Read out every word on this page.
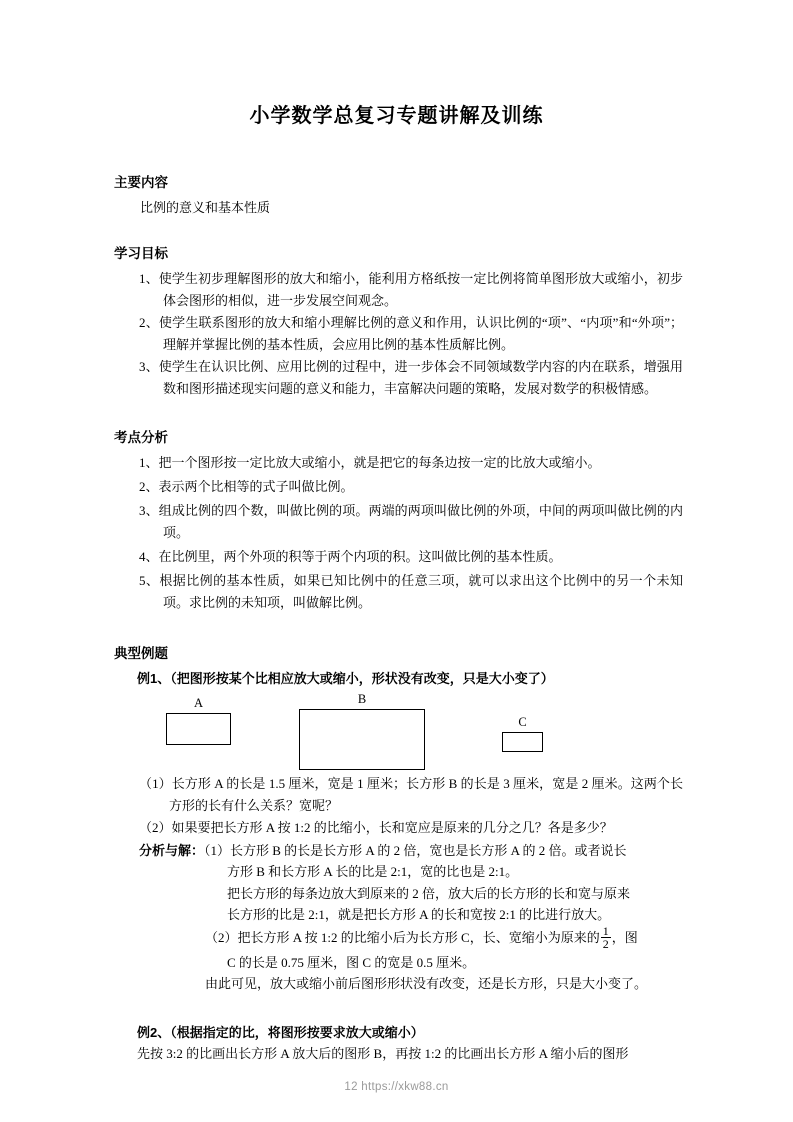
小学数学总复习专题讲解及训练
主要内容
比例的意义和基本性质
学习目标
1、使学生初步理解图形的放大和缩小，能利用方格纸按一定比例将简单图形放大或缩小，初步体会图形的相似，进一步发展空间观念。
2、使学生联系图形的放大和缩小理解比例的意义和作用，认识比例的“项”、“内项”和“外项”；理解并掌握比例的基本性质，会应用比例的基本性质解比例。
3、使学生在认识比例、应用比例的过程中，进一步体会不同领域数学内容的内在联系，增强用数和图形描述现实问题的意义和能力，丰富解决问题的策略，发展对数学的积极情感。
考点分析
1、把一个图形按一定比放大或缩小，就是把它的每条边按一定的比放大或缩小。
2、表示两个比相等的式子叫做比例。
3、组成比例的四个数，叫做比例的项。两端的两项叫做比例的外项，中间的两项叫做比例的内项。
4、在比例里，两个外项的积等于两个内项的积。这叫做比例的基本性质。
5、根据比例的基本性质，如果已知比例中的任意三项，就可以求出这个比例中的另一个未知项。求比例的未知项，叫做解比例。
典型例题
例1、（把图形按某个比相应放大或缩小，形状没有改变，只是大小变了）
A	B
C
（1）长方形 A 的长是 1.5 厘米，宽是 1 厘米；长方形 B 的长是 3 厘米，宽是 2 厘米。这两个长方形的长有什么关系？宽呢？
（2）如果要把长方形 A 按 1:2 的比缩小，长和宽应是原来的几分之几？各是多少？
分析与解：（1）长方形 B 的长是长方形 A 的 2 倍，宽也是长方形 A 的 2 倍。或者说长
方形 B 和长方形 A 长的比是 2:1，宽的比也是 2:1。
把长方形的每条边放大到原来的 2 倍，放大后的长方形的长和宽与原来
长方形的比是 2:1，就是把长方形 A 的长和宽按 2:1 的比进行放大。
（2）把长方形 A 按 1:2 的比缩小后为长方形 C，长、宽缩小为原来的 $\frac{1}{2}$ ，图
C 的长是 0.75 厘米，图 C 的宽是 0.5 厘米。
由此可见，放大或缩小前后图形形状没有改变，还是长方形，只是大小变了。
例2、（根据指定的比，将图形按要求放大或缩小）
先按 3:2 的比画出长方形 A 放大后的图形 B，再按 1:2 的比画出长方形 A 缩小后的图形
12 https://xkw88.cn
